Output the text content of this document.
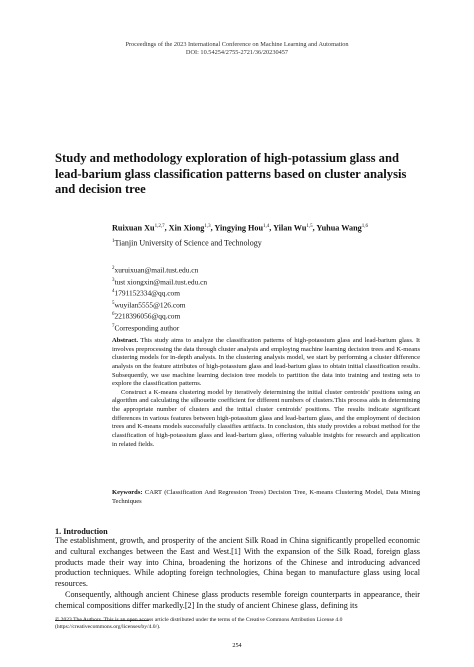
Proceedings of the 2023 International Conference on Machine Learning and Automation
DOI: 10.54254/2755-2721/36/20230457
Study and methodology exploration of high-potassium glass and lead-barium glass classification patterns based on cluster analysis and decision tree
Ruixuan Xu$^{1,2,7}$, Xin Xiong$^{1,3}$, Yingying Hou$^{1,4}$, Yilan Wu$^{1,5}$, Yuhua Wang$^{1,6}$
$^1$Tianjin University of Science and Technology
$^2$xuruixuan@mail.tust.edu.cn
$^3$tust xiongxin@mail.tust.edu.cn
$^4$1791152334@qq.com
$^5$wuyilan5555@126.com
$^6$2218396056@qq.com
$^7$Corresponding author

Abstract. This study aims to analyze the classification patterns of high-potassium glass and lead-barium glass. It involves preprocessing the data through cluster analysis and employing machine learning decision trees and K-means clustering models for in-depth analysis. In the clustering analysis model, we start by performing a cluster difference analysis on the feature attributes of high-potassium glass and lead-barium glass to obtain initial classification results. Subsequently, we use machine learning decision tree models to partition the data into training and testing sets to explore the classification patterns.

Construct a K-means clustering model by iteratively determining the initial cluster centroids' positions using an algorithm and calculating the silhouette coefficient for different numbers of clusters.This process aids in determining the appropriate number of clusters and the initial cluster centroids' positions. The results indicate significant differences in various features between high-potassium glass and lead-barium glass, and the employment of decision trees and K-means models successfully classifies artifacts. In conclusion, this study provides a robust method for the classification of high-potassium glass and lead-barium glass, offering valuable insights for research and application in related fields.

Keywords: CART (Classification And Regression Trees) Decision Tree, K-means Clustering Model, Data Mining Techniques
1. Introduction

The establishment, growth, and prosperity of the ancient Silk Road in China significantly propelled economic and cultural exchanges between the East and West.[1] With the expansion of the Silk Road, foreign glass products made their way into China, broadening the horizons of the Chinese and introducing advanced production techniques. While adopting foreign technologies, China began to manufacture glass using local resources.

Consequently, although ancient Chinese glass products resemble foreign counterparts in appearance, their chemical compositions differ markedly.[2] In the study of ancient Chinese glass, defining its

© 2023 The Authors. This is an open access article distributed under the terms of the Creative Commons Attribution License 4.0
(https://creativecommons.org/licenses/by/4.0/).
254
